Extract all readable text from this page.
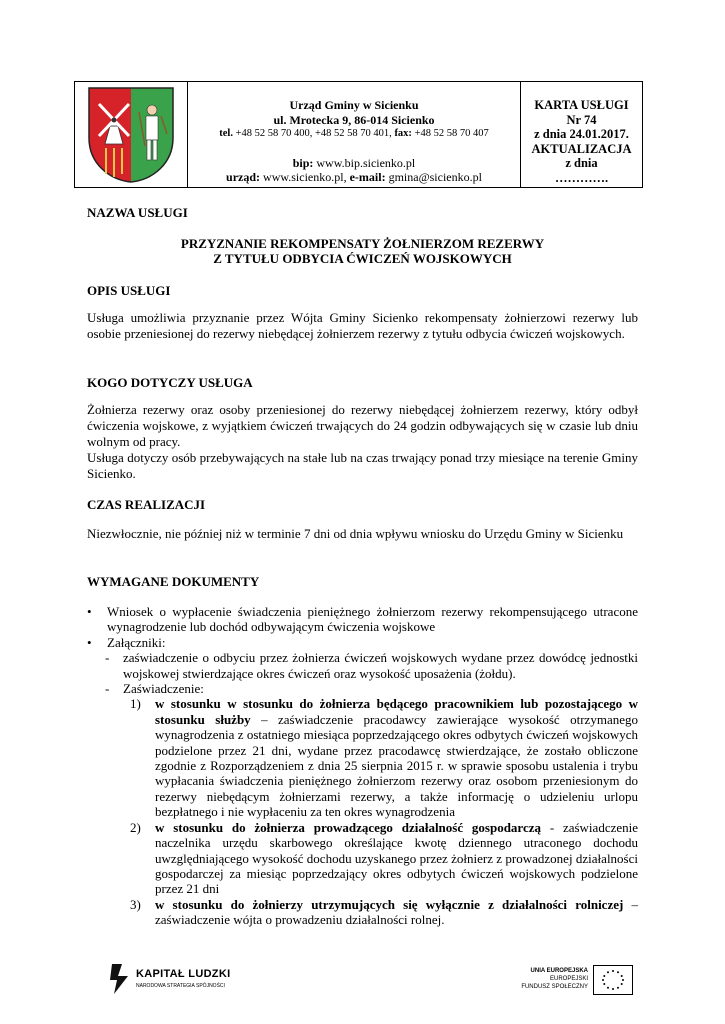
Urząd Gminy w Sicienku
ul. Mrotecka 9, 86-014 Sicienko
tel. +48 52 58 70 400, +48 52 58 70 401, fax: +48 52 58 70 407
bip: www.bip.sicienko.pl
urząd: www.sicienko.pl, e-mail: gmina@sicienko.pl
KARTA USŁUGI
Nr 74
z dnia 24.01.2017.
AKTUALIZACJA
z dnia
………….
NAZWA USŁUGI
PRZYZNANIE REKOMPENSATY ŻOŁNIERZOM REZERWY
Z TYTUŁU ODBYCIA ĆWICZEŃ WOJSKOWYCH
OPIS USŁUGI
Usługa umożliwia przyznanie przez Wójta Gminy Sicienko rekompensaty żołnierzowi rezerwy lub osobie przeniesionej do rezerwy niebędącej żołnierzem rezerwy z tytułu odbycia ćwiczeń wojskowych.
KOGO DOTYCZY USŁUGA
Żołnierza rezerwy oraz osoby przeniesionej do rezerwy niebędącej żołnierzem rezerwy, który odbył ćwiczenia wojskowe, z wyjątkiem ćwiczeń trwających do 24 godzin odbywających się w czasie lub dniu wolnym od pracy.
Usługa dotyczy osób przebywających na stałe lub na czas trwający ponad trzy miesiące na terenie Gminy Sicienko.
CZAS REALIZACJI
Niezwłocznie, nie później niż w terminie 7 dni od dnia wpływu wniosku do Urzędu Gminy w Sicienku
WYMAGANE DOKUMENTY
•	Wniosek o wypłacenie świadczenia pieniężnego żołnierzom rezerwy rekompensującego utracone wynagrodzenie lub dochód odbywającym ćwiczenia wojskowe
•	Załączniki:
- zaświadczenie o odbyciu przez żołnierza ćwiczeń wojskowych wydane przez dowódcę jednostki wojskowej stwierdzające okres ćwiczeń oraz wysokość uposażenia (żołdu).
- Zaświadczenie:
1) w stosunku w stosunku do żołnierza będącego pracownikiem lub pozostającego w stosunku służby – zaświadczenie pracodawcy zawierające wysokość otrzymanego wynagrodzenia z ostatniego miesiąca poprzedzającego okres odbytych ćwiczeń wojskowych podzielone przez 21 dni, wydane przez pracodawcę stwierdzające, że zostało obliczone zgodnie z Rozporządzeniem z dnia 25 sierpnia 2015 r. w sprawie sposobu ustalenia i trybu wypłacania świadczenia pieniężnego żołnierzom rezerwy oraz osobom przeniesionym do rezerwy niebędącym żołnierzami rezerwy, a także informację o udzieleniu urlopu bezpłatnego i nie wypłaceniu za ten okres wynagrodzenia
2) w stosunku do żołnierza prowadzącego działalność gospodarczą - zaświadczenie naczelnika urzędu skarbowego określające kwotę dziennego utraconego dochodu uwzględniającego wysokość dochodu uzyskanego przez żołnierz z prowadzonej działalności gospodarczej za miesiąc poprzedzający okres odbytych ćwiczeń wojskowych podzielone przez 21 dni
3) w stosunku do żołnierzy utrzymujących się wyłącznie z działalności rolniczej – zaświadczenie wójta o prowadzeniu działalności rolnej.
KAPITAŁ LUDZKI
NARODOWA STRATEGIA SPÓJNOŚCI
UNIA EUROPEJSKA
EUROPEJSKI
FUNDUSZ SPOŁECZNY
